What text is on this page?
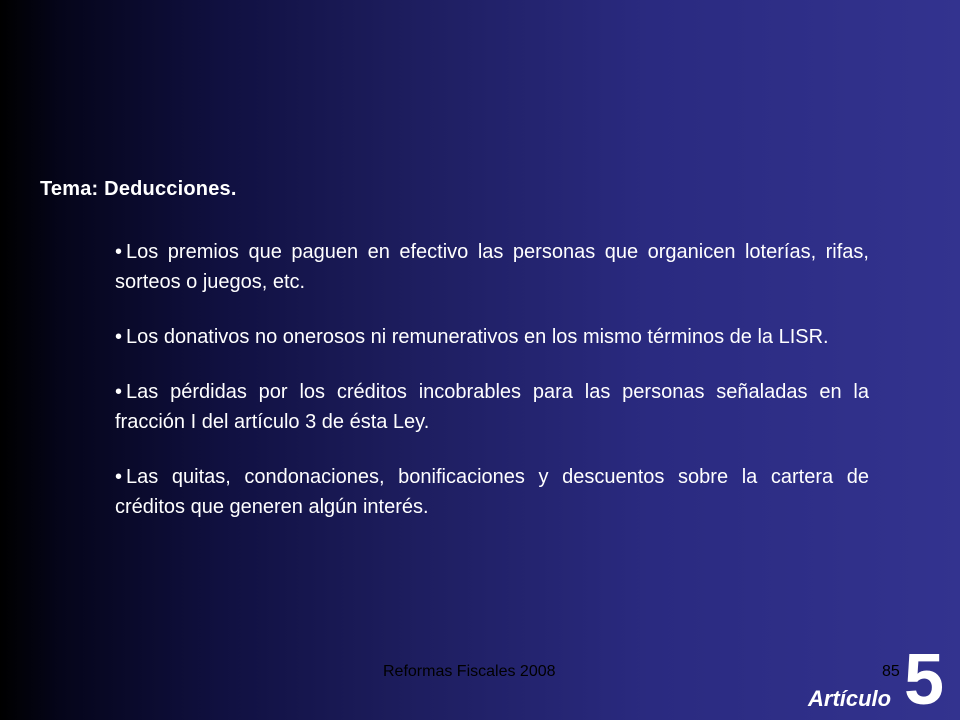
Tema: Deducciones.
• Los premios que paguen en efectivo las personas que organicen loterías, rifas, sorteos o juegos, etc.
• Los donativos no onerosos ni remunerativos en los mismo términos de la LISR.
• Las pérdidas por los créditos incobrables para las personas señaladas en la fracción I del artículo 3 de ésta Ley.
• Las quitas, condonaciones, bonificaciones y descuentos sobre la cartera de créditos que generen algún interés.
Reformas Fiscales 2008	85
Artículo 5
